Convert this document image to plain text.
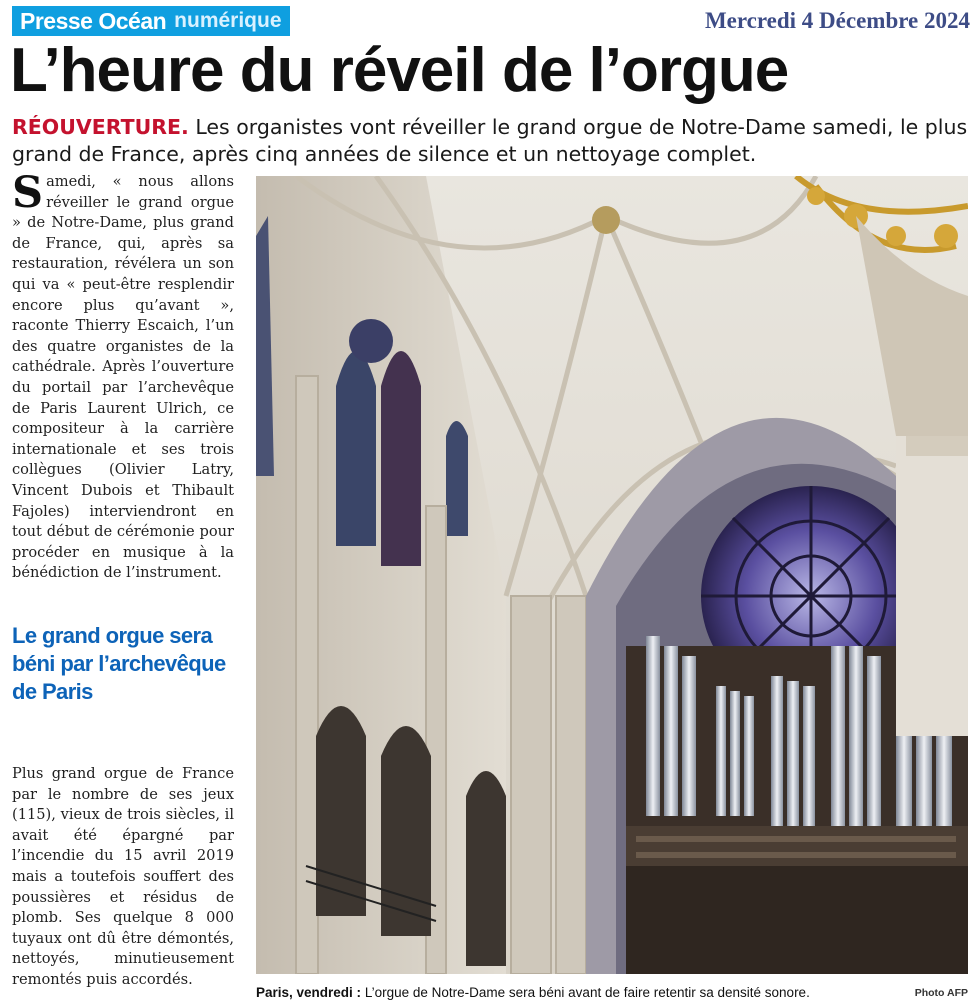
Presse Océan numérique	Mercredi 4 Décembre 2024
L’heure du réveil de l’orgue
RÉOUVERTURE. Les organistes vont réveiller le grand orgue de Notre-Dame samedi, le plus grand de France, après cinq années de silence et un nettoyage complet.
Samedi, « nous allons réveiller le grand orgue » de Notre-Dame, plus grand de France, qui, après sa restauration, révélera un son qui va « peut-être resplendir encore plus qu’avant », raconte Thierry Escaich, l’un des quatre organistes de la cathédrale. Après l’ouverture du portail par l’archevêque de Paris Laurent Ulrich, ce compositeur à la carrière internationale et ses trois collègues (Olivier Latry, Vincent Dubois et Thibault Fajoles) interviendront en tout début de cérémonie pour procéder en musique à la bénédiction de l’instrument.
Le grand orgue sera béni par l’archevêque de Paris
Plus grand orgue de France par le nombre de ses jeux (115), vieux de trois siècles, il avait été épargné par l’incendie du 15 avril 2019 mais a toutefois souffert des poussières et résidus de plomb. Ses quelque 8 000 tuyaux ont dû être démontés, nettoyés, minutieusement remontés puis accordés.
Paris, vendredi : L’orgue de Notre-Dame sera béni avant de faire retentir sa densité sonore.	Photo AFP
